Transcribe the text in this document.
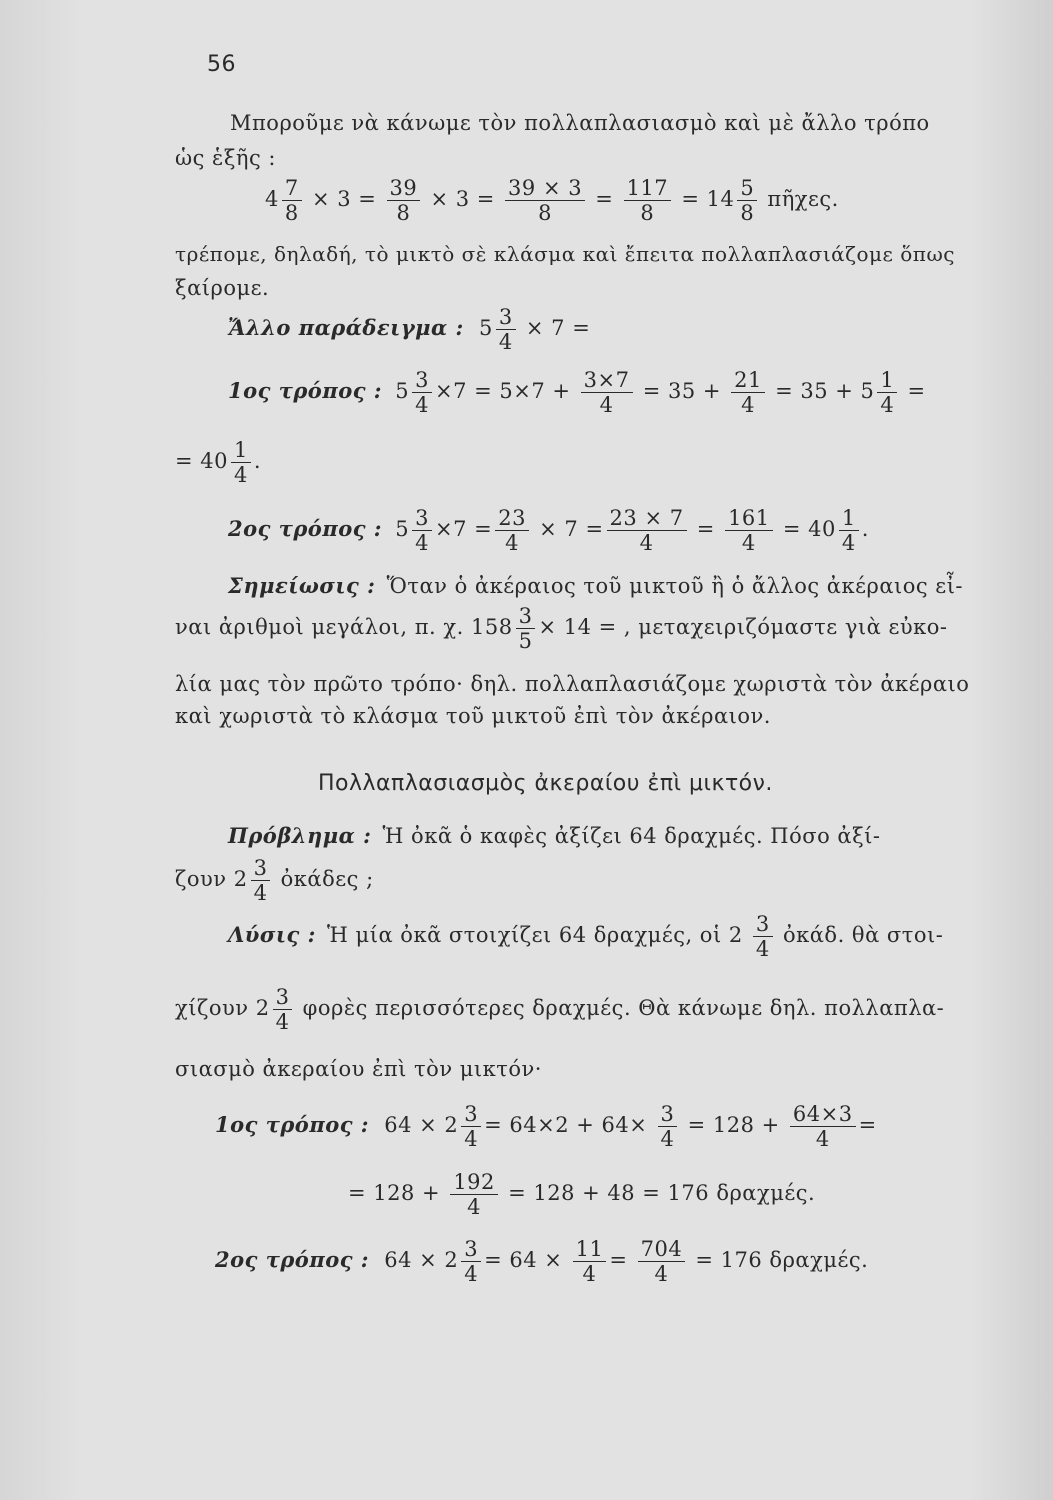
56
Μποροῦμε νὰ κάνωμε τὸν πολλαπλασιασμὸ καὶ μὲ ἄλλο τρόπο
ὡς ἑξῆς :
$4 \frac{7}{8} \times 3 = \frac{39}{8} \times 3 = \frac{39 \times 3}{8} = \frac{117}{8} = 14 \frac{5}{8}$ πῆχες.
τρέπομε, δηλαδή, τὸ μικτὸ σὲ κλάσμα καὶ ἔπειτα πολλαπλασιάζομε ὅπως
ξαίρομε.
Ἄλλο παράδειγμα : $5 \frac{3}{4} \times 7$ =
1ος τρόπος : $5 \frac{3}{4} \times 7 = 5\times 7 + \frac{3\times 7}{4} = 35 + \frac{21}{4} = 35 + 5 \frac{1}{4}$ =
= $40 \frac{1}{4}$ .
2ος τρόπος : $5 \frac{3}{4} \times 7 = \frac{23}{4} \times 7 = \frac{23 \times 7}{4} = \frac{161}{4} = 40 \frac{1}{4}$ .
Σημείωσις : Ὅταν ὁ ἀκέραιος τοῦ μικτοῦ ἢ ὁ ἄλλος ἀκέραιος εἶ-
ναι ἀριθμοὶ μεγάλοι, π. χ. $158 \frac{3}{5} \times 14$ = , μεταχειριζόμαστε γιὰ εὐκο-
λία μας τὸν πρῶτο τρόπο· δηλ. πολλαπλασιάζομε χωριστὰ τὸν ἀκέραιο
καὶ χωριστὰ τὸ κλάσμα τοῦ μικτοῦ ἐπὶ τὸν ἀκέραιον.
Πολλαπλασιασμὸς ἀκεραίου ἐπὶ μικτόν.
Πρόβλημα : Ἡ ὀκᾶ ὁ καφὲς ἀξίζει 64 δραχμές. Πόσο ἀξί-
ζουν $2 \frac{3}{4}$ ὀκάδες ;
Λύσις : Ἡ μία ὀκᾶ στοιχίζει 64 δραχμές, οἱ $2 \frac{3}{4}$ ὀκάδ. θὰ στοι-
χίζουν $2 \frac{3}{4}$ φορὲς περισσότερες δραχμές. Θὰ κάνωμε δηλ. πολλαπλα-
σιασμὸ ἀκεραίου ἐπὶ τὸν μικτόν·
1ος τρόπος : $64 \times 2 \frac{3}{4} = 64\times 2 + 64\times \frac{3}{4} = 128 + \frac{64\times 3}{4}$ =
= $128 + \frac{192}{4} = 128 + 48 = 176$ δραχμές.
2ος τρόπος : $64 \times 2 \frac{3}{4} = 64 \times \frac{11}{4} = \frac{704}{4} = 176$ δραχμές.
